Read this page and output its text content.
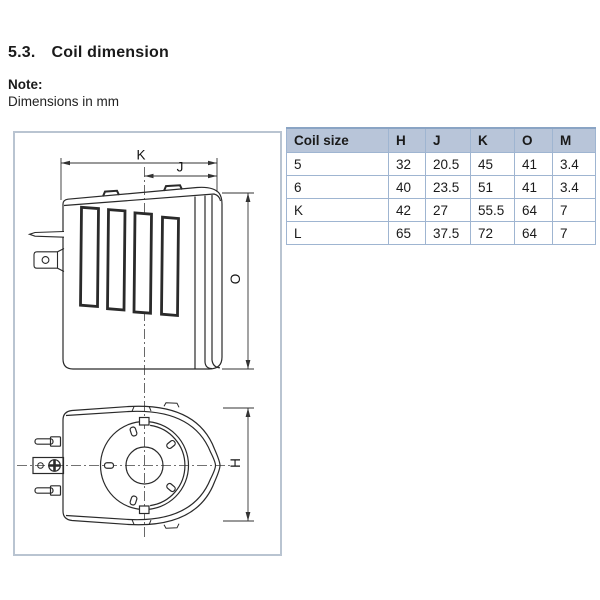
5.3. Coil dimension
Note:
Dimensions in mm
K
J
O
H
Coil size	H	J	K	O	M
5	32	20.5	45	41	3.4
6	40	23.5	51	41	3.4
K	42	27	55.5	64	7
L	65	37.5	72	64	7
